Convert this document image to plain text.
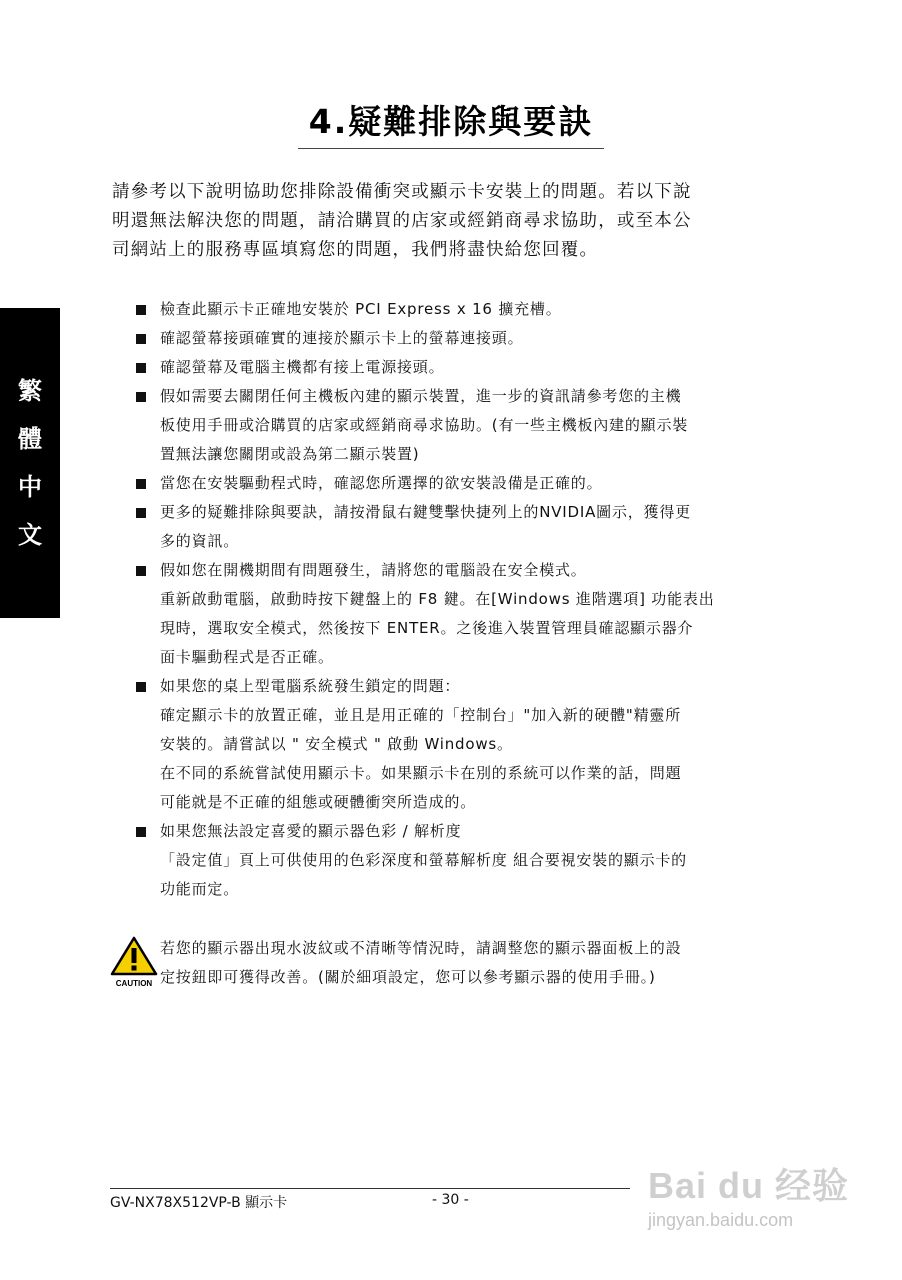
4.疑難排除與要訣

請參考以下說明協助您排除設備衝突或顯示卡安裝上的問題。若以下說

明還無法解決您的問題，請洽購買的店家或經銷商尋求協助，或至本公

司網站上的服務專區填寫您的問題，我們將盡快給您回覆。

繁
體
中
文
檢查此顯示卡正確地安裝於 PCI Express x 16 擴充槽。
確認螢幕接頭確實的連接於顯示卡上的螢幕連接頭。
確認螢幕及電腦主機都有接上電源接頭。
假如需要去關閉任何主機板內建的顯示裝置，進一步的資訊請參考您的主機
板使用手冊或洽購買的店家或經銷商尋求協助。(有一些主機板內建的顯示裝
置無法讓您關閉或設為第二顯示裝置)
當您在安裝驅動程式時，確認您所選擇的欲安裝設備是正確的。
更多的疑難排除與要訣，請按滑鼠右鍵雙擊快捷列上的NVIDIA圖示，獲得更
多的資訊。
假如您在開機期間有問題發生，請將您的電腦設在安全模式。
重新啟動電腦，啟動時按下鍵盤上的 F8 鍵。在[Windows 進階選項] 功能表出
現時，選取安全模式，然後按下 ENTER。之後進入裝置管理員確認顯示器介
面卡驅動程式是否正確。
如果您的桌上型電腦系統發生鎖定的問題：
確定顯示卡的放置正確，並且是用正確的「控制台」"加入新的硬體"精靈所
安裝的。請嘗試以 " 安全模式 " 啟動 Windows。
在不同的系統嘗試使用顯示卡。如果顯示卡在別的系統可以作業的話，問題
可能就是不正確的組態或硬體衝突所造成的。
如果您無法設定喜愛的顯示器色彩 / 解析度
「設定值」頁上可供使用的色彩深度和螢幕解析度 組合要視安裝的顯示卡的
功能而定。
CAUTION

若您的顯示器出現水波紋或不清晰等情況時，請調整您的顯示器面板上的設

定按鈕即可獲得改善。(關於細項設定，您可以參考顯示器的使用手冊。)

GV-NX78X512VP-B 顯示卡	- 30 -	Bai du 经验
jingyan.baidu.com
